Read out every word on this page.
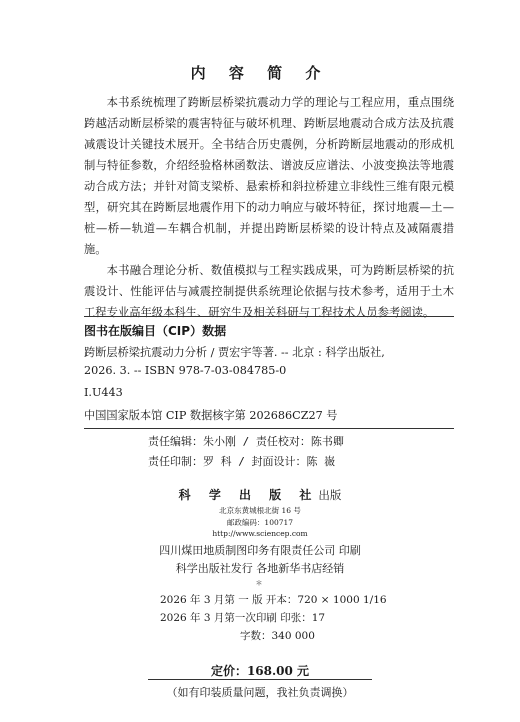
内 容 简 介

本书系统梳理了跨断层桥梁抗震动力学的理论与工程应用，重点围绕跨越活动断层桥梁的震害特征与破坏机理、跨断层地震动合成方法及抗震减震设计关键技术展开。全书结合历史震例，分析跨断层地震动的形成机制与特征参数，介绍经验格林函数法、谱波反应谱法、小波变换法等地震动合成方法；并针对简支梁桥、悬索桥和斜拉桥建立非线性三维有限元模型，研究其在跨断层地震作用下的动力响应与破坏特征，探讨地震—土—桩—桥—轨道—车耦合机制，并提出跨断层桥梁的设计特点及减隔震措施。

本书融合理论分析、数值模拟与工程实践成果，可为跨断层桥梁的抗震设计、性能评估与减震控制提供系统理论依据与技术参考，适用于土木工程专业高年级本科生、研究生及相关科研与工程技术人员参考阅读。

图书在版编目（CIP）数据
跨断层桥梁抗震动力分析 / 贾宏宇等著. -- 北京 : 科学出版社,
2026. 3. -- ISBN 978-7-03-084785-0
Ⅰ.U443
中国国家版本馆 CIP 数据核字第 202686CZ27 号
责任编辑：朱小刚 / 责任校对：陈书卿
责任印制：罗 科 / 封面设计：陈 嶶
科 学 出 版 社出版
北京东黄城根北街 16 号
邮政编码：100717
http://www.sciencep.com
四川煤田地质制图印务有限责任公司 印刷
科学出版社发行 各地新华书店经销
＊
2026 年 3 月第 一 版 开本：720 × 1000 1/16
2026 年 3 月第一次印刷 印张：17
字数：340 000
定价：168.00 元
（如有印装质量问题，我社负责调换）
